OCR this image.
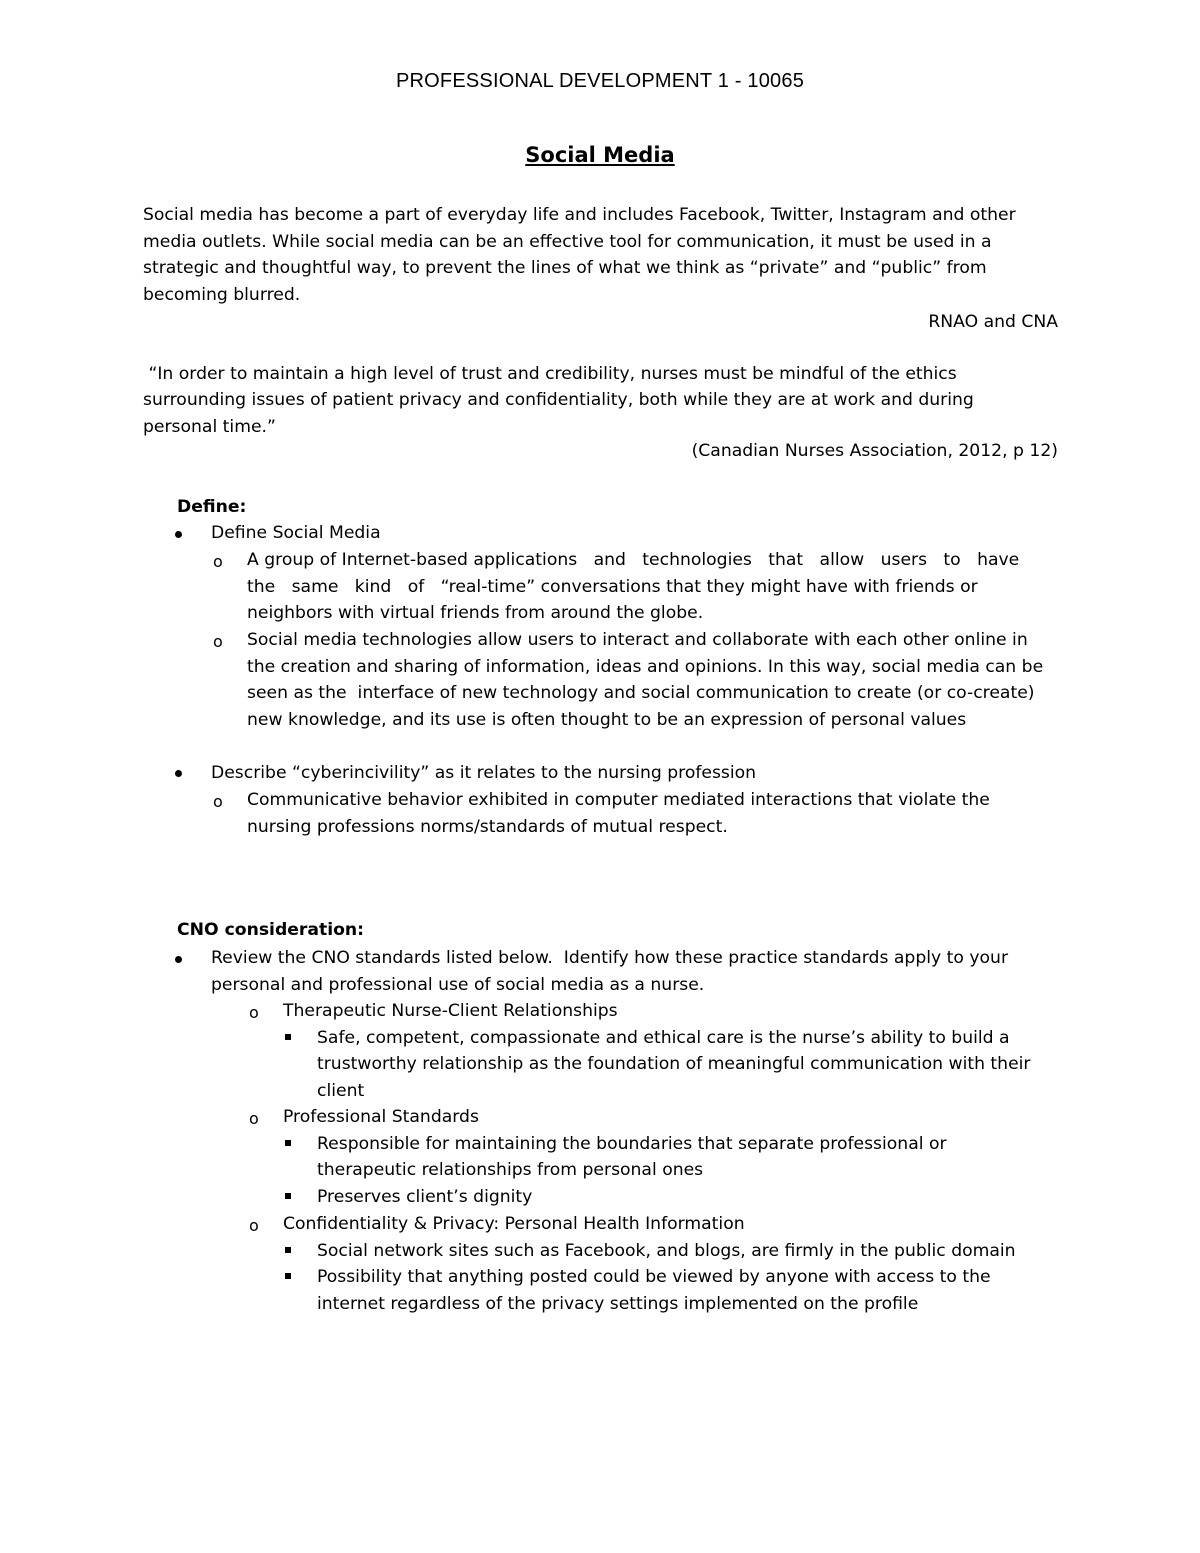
PROFESSIONAL DEVELOPMENT 1 - 10065
Social Media
Social media has become a part of everyday life and includes Facebook, Twitter, Instagram and other
media outlets. While social media can be an effective tool for communication, it must be used in a
strategic and thoughtful way, to prevent the lines of what we think as “private” and “public” from
becoming blurred.
RNAO and CNA
“In order to maintain a high level of trust and credibility, nurses must be mindful of the ethics
surrounding issues of patient privacy and confidentiality, both while they are at work and during
personal time.”
(Canadian Nurses Association, 2012, p 12)
Define:
Define Social Media
o A group of Internet-based applications   and   technologies   that   allow   users   to   have
the   same   kind   of   “real-time” conversations that they might have with friends or
neighbors with virtual friends from around the globe.
o Social media technologies allow users to interact and collaborate with each other online in
the creation and sharing of information, ideas and opinions. In this way, social media can be
seen as the  interface of new technology and social communication to create (or co-create)
new knowledge, and its use is often thought to be an expression of personal values
Describe “cyberincivility” as it relates to the nursing profession
o Communicative behavior exhibited in computer mediated interactions that violate the
nursing professions norms/standards of mutual respect.
CNO consideration:
Review the CNO standards listed below.  Identify how these practice standards apply to your
personal and professional use of social media as a nurse.
o Therapeutic Nurse-Client Relationships
Safe, competent, compassionate and ethical care is the nurse’s ability to build a
trustworthy relationship as the foundation of meaningful communication with their
client
o Professional Standards
Responsible for maintaining the boundaries that separate professional or
therapeutic relationships from personal ones
Preserves client’s dignity
o Confidentiality & Privacy: Personal Health Information
Social network sites such as Facebook, and blogs, are firmly in the public domain
Possibility that anything posted could be viewed by anyone with access to the
internet regardless of the privacy settings implemented on the profile
